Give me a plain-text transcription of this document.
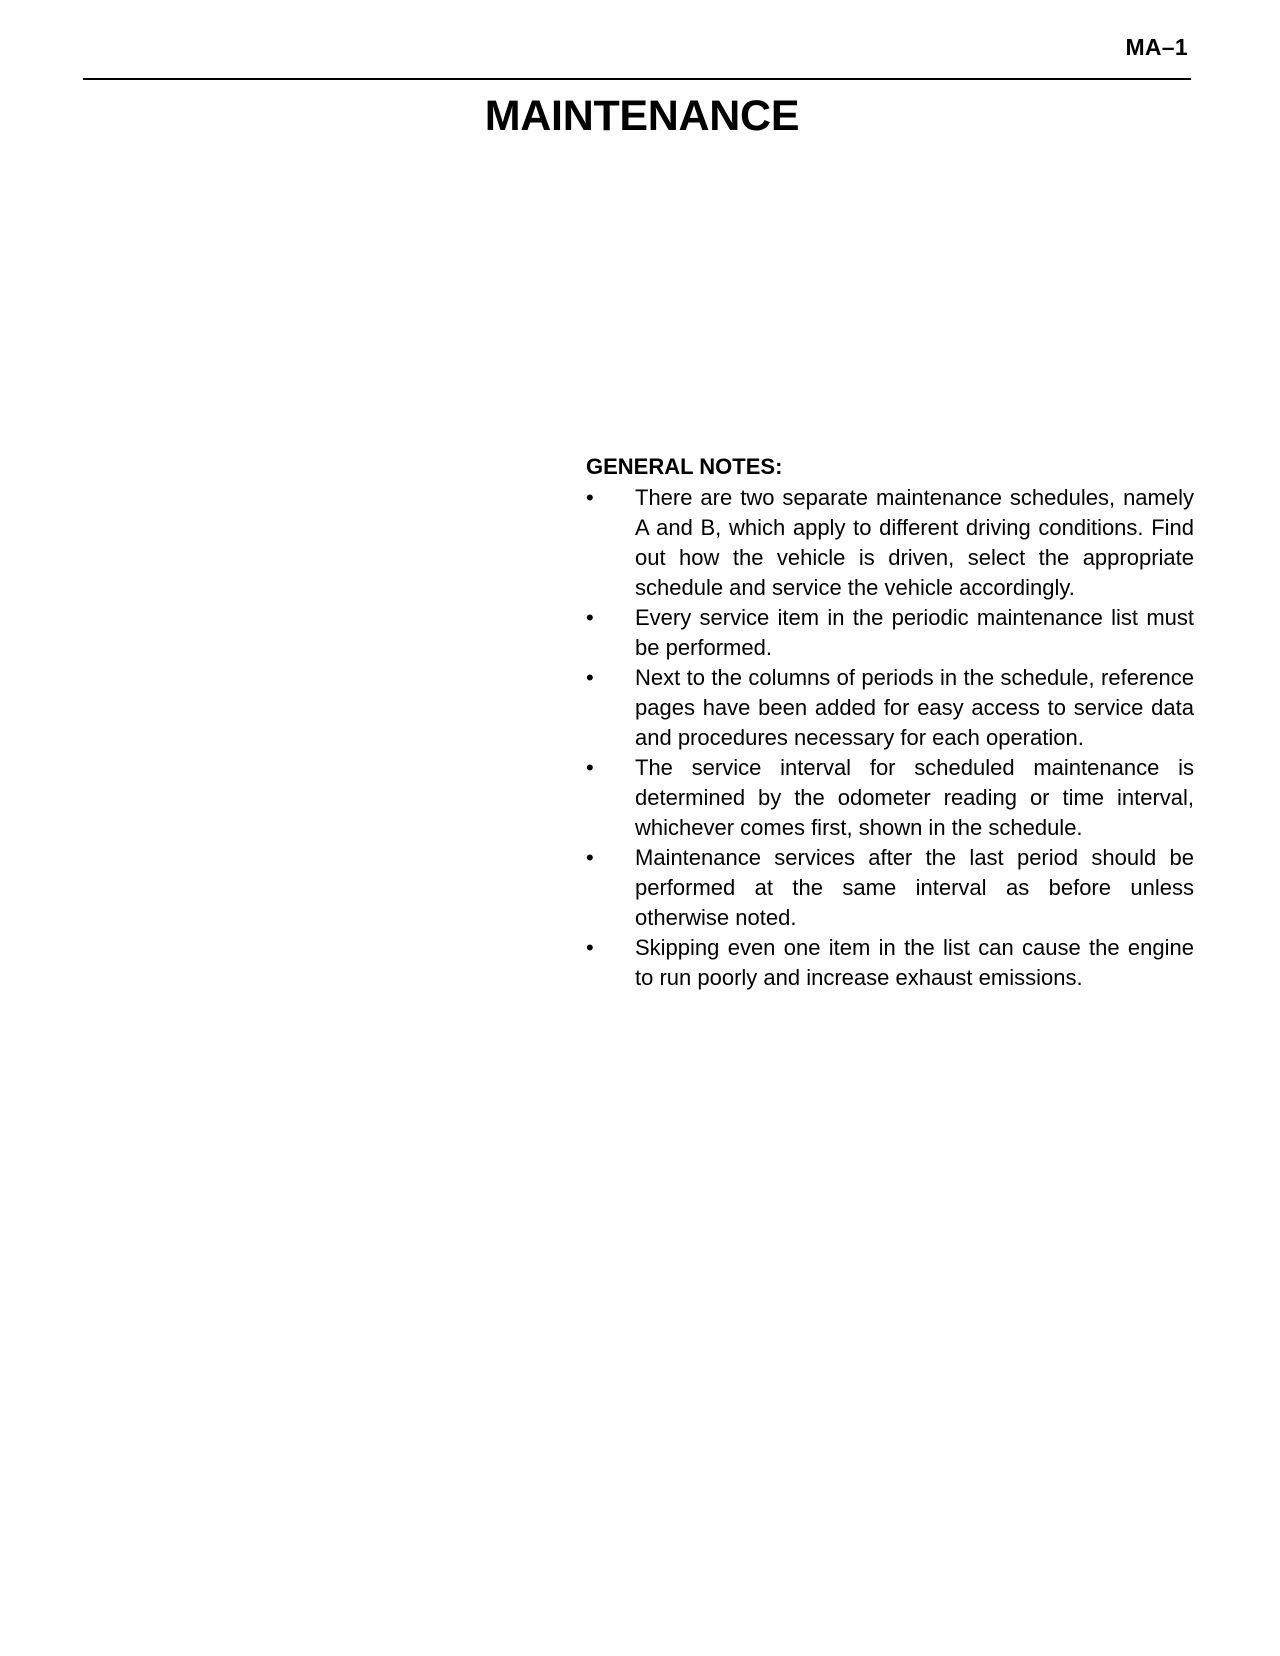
MA–1
MAINTENANCE
GENERAL NOTES:
•	There are two separate maintenance schedules, namely A and B, which apply to different driving conditions. Find out how the vehicle is driven, select the appropriate schedule and service the vehicle accordingly.
•	Every service item in the periodic maintenance list must be performed.
•	Next to the columns of periods in the schedule, reference pages have been added for easy access to service data and procedures necessary for each operation.
•	The service interval for scheduled maintenance is determined by the odometer reading or time interval, whichever comes first, shown in the schedule.
•	Maintenance services after the last period should be performed at the same interval as before unless otherwise noted.
•	Skipping even one item in the list can cause the engine to run poorly and increase exhaust emissions.
